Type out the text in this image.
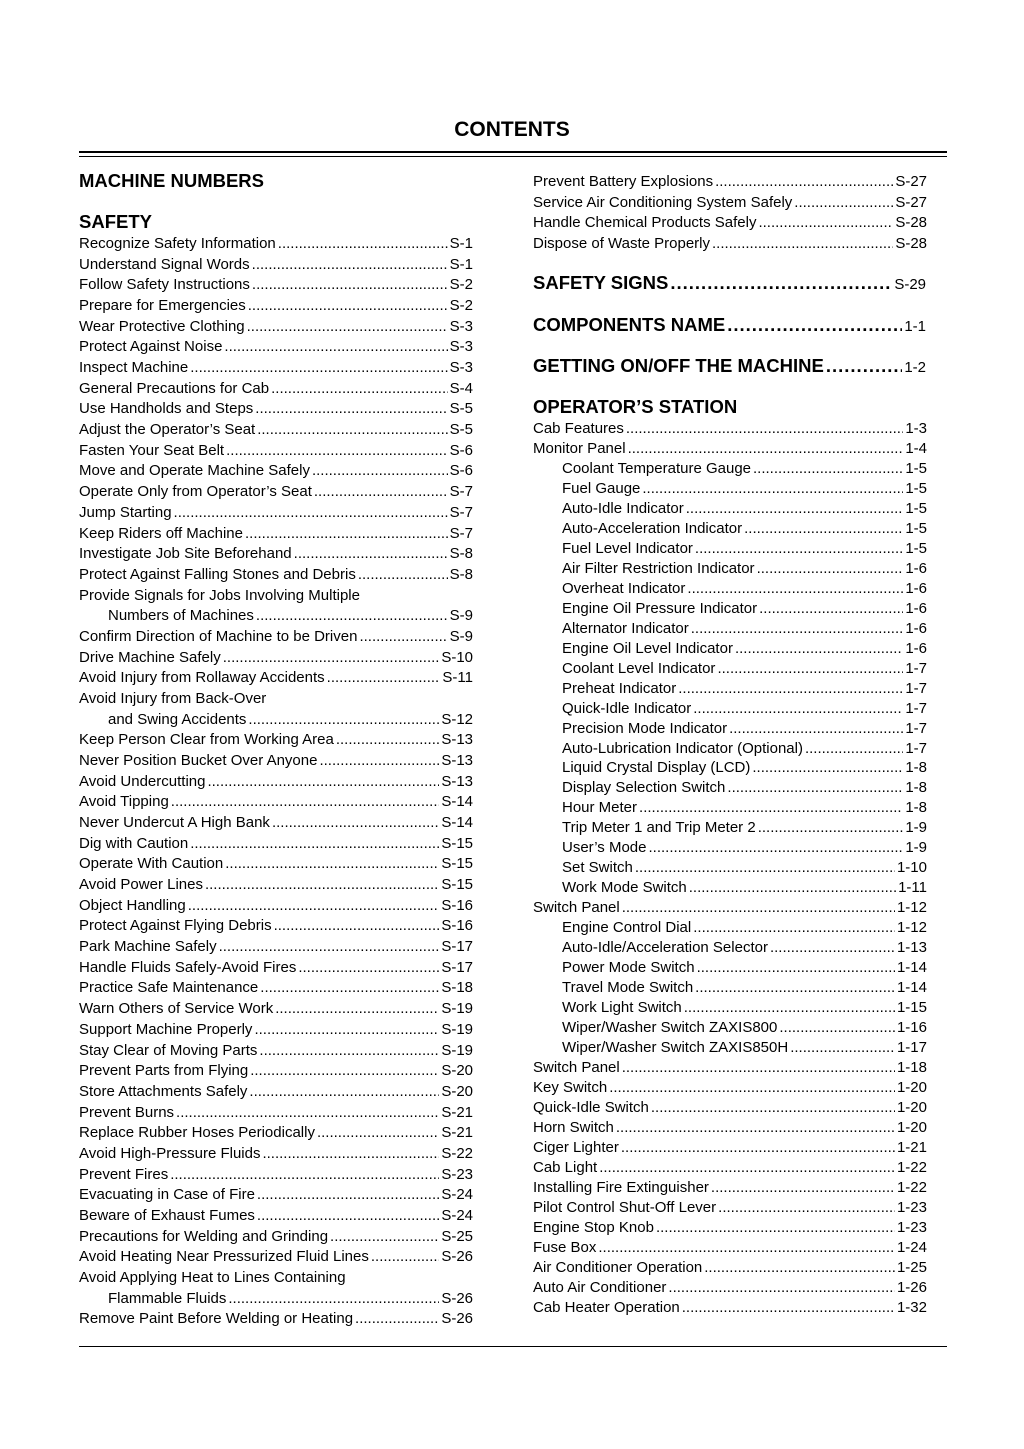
CONTENTS
MACHINE NUMBERS
SAFETY
Recognize Safety Information .....	S-1
Understand Signal Words .....	S-1
Follow Safety Instructions .....	S-2
Prepare for Emergencies .....	S-2
Wear Protective Clothing .....	S-3
Protect Against Noise .....	S-3
Inspect Machine .....	S-3
General Precautions for Cab .....	S-4
Use Handholds and Steps .....	S-5
Adjust the Operator’s Seat .....	S-5
Fasten Your Seat Belt .....	S-6
Move and Operate Machine Safely .....	S-6
Operate Only from Operator’s Seat .....	S-7
Jump Starting .....	S-7
Keep Riders off Machine .....	S-7
Investigate Job Site Beforehand .....	S-8
Protect Against Falling Stones and Debris .....	S-8
Provide Signals for Jobs Involving Multiple
Numbers of Machines .....	S-9
Confirm Direction of Machine to be Driven .....	S-9
Drive Machine Safely .....	S-10
Avoid Injury from Rollaway Accidents .....	S-11
Avoid Injury from Back-Over
and Swing Accidents .....	S-12
Keep Person Clear from Working Area .....	S-13
Never Position Bucket Over Anyone .....	S-13
Avoid Undercutting .....	S-13
Avoid Tipping .....	S-14
Never Undercut A High Bank .....	S-14
Dig with Caution .....	S-15
Operate With Caution .....	S-15
Avoid Power Lines .....	S-15
Object Handling .....	S-16
Protect Against Flying Debris .....	S-16
Park Machine Safely .....	S-17
Handle Fluids Safely-Avoid Fires .....	S-17
Practice Safe Maintenance .....	S-18
Warn Others of Service Work .....	S-19
Support Machine Properly .....	S-19
Stay Clear of Moving Parts .....	S-19
Prevent Parts from Flying .....	S-20
Store Attachments Safely .....	S-20
Prevent Burns .....	S-21
Replace Rubber Hoses Periodically .....	S-21
Avoid High-Pressure Fluids .....	S-22
Prevent Fires .....	S-23
Evacuating in Case of Fire .....	S-24
Beware of Exhaust Fumes .....	S-24
Precautions for Welding and Grinding .....	S-25
Avoid Heating Near Pressurized Fluid Lines .....	S-26
Avoid Applying Heat to Lines Containing
Flammable Fluids .....	S-26
Remove Paint Before Welding or Heating .....	S-26
SAFETY SIGNS .....	S-29
COMPONENTS NAME .....	1-1
GETTING ON/OFF THE MACHINE .....	1-2
OPERATOR’S STATION
Prevent Battery Explosions .....	S-27
Service Air Conditioning System Safely .....	S-27
Handle Chemical Products Safely .....	S-28
Dispose of Waste Properly .....	S-28
Cab Features .....	1-3
Monitor Panel .....	1-4
Coolant Temperature Gauge .....	1-5
Fuel Gauge .....	1-5
Auto-Idle Indicator .....	1-5
Auto-Acceleration Indicator .....	1-5
Fuel Level Indicator .....	1-5
Air Filter Restriction Indicator .....	1-6
Overheat Indicator .....	1-6
Engine Oil Pressure Indicator .....	1-6
Alternator Indicator .....	1-6
Engine Oil Level Indicator .....	1-6
Coolant Level Indicator .....	1-7
Preheat Indicator .....	1-7
Quick-Idle Indicator .....	1-7
Precision Mode Indicator .....	1-7
Auto-Lubrication Indicator (Optional) .....	1-7
Liquid Crystal Display (LCD) .....	1-8
Display Selection Switch .....	1-8
Hour Meter .....	1-8
Trip Meter 1 and Trip Meter 2 .....	1-9
User’s Mode .....	1-9
Set Switch .....	1-10
Work Mode Switch .....	1-11
Switch Panel .....	1-12
Engine Control Dial .....	1-12
Auto-Idle/Acceleration Selector .....	1-13
Power Mode Switch .....	1-14
Travel Mode Switch .....	1-14
Work Light Switch .....	1-15
Wiper/Washer Switch ZAXIS800 .....	1-16
Wiper/Washer Switch ZAXIS850H .....	1-17
Switch Panel .....	1-18
Key Switch .....	1-20
Quick-Idle Switch .....	1-20
Horn Switch .....	1-20
Ciger Lighter .....	1-21
Cab Light .....	1-22
Installing Fire Extinguisher .....	1-22
Pilot Control Shut-Off Lever .....	1-23
Engine Stop Knob .....	1-23
Fuse Box .....	1-24
Air Conditioner Operation .....	1-25
Auto Air Conditioner .....	1-26
Cab Heater Operation .....	1-32
